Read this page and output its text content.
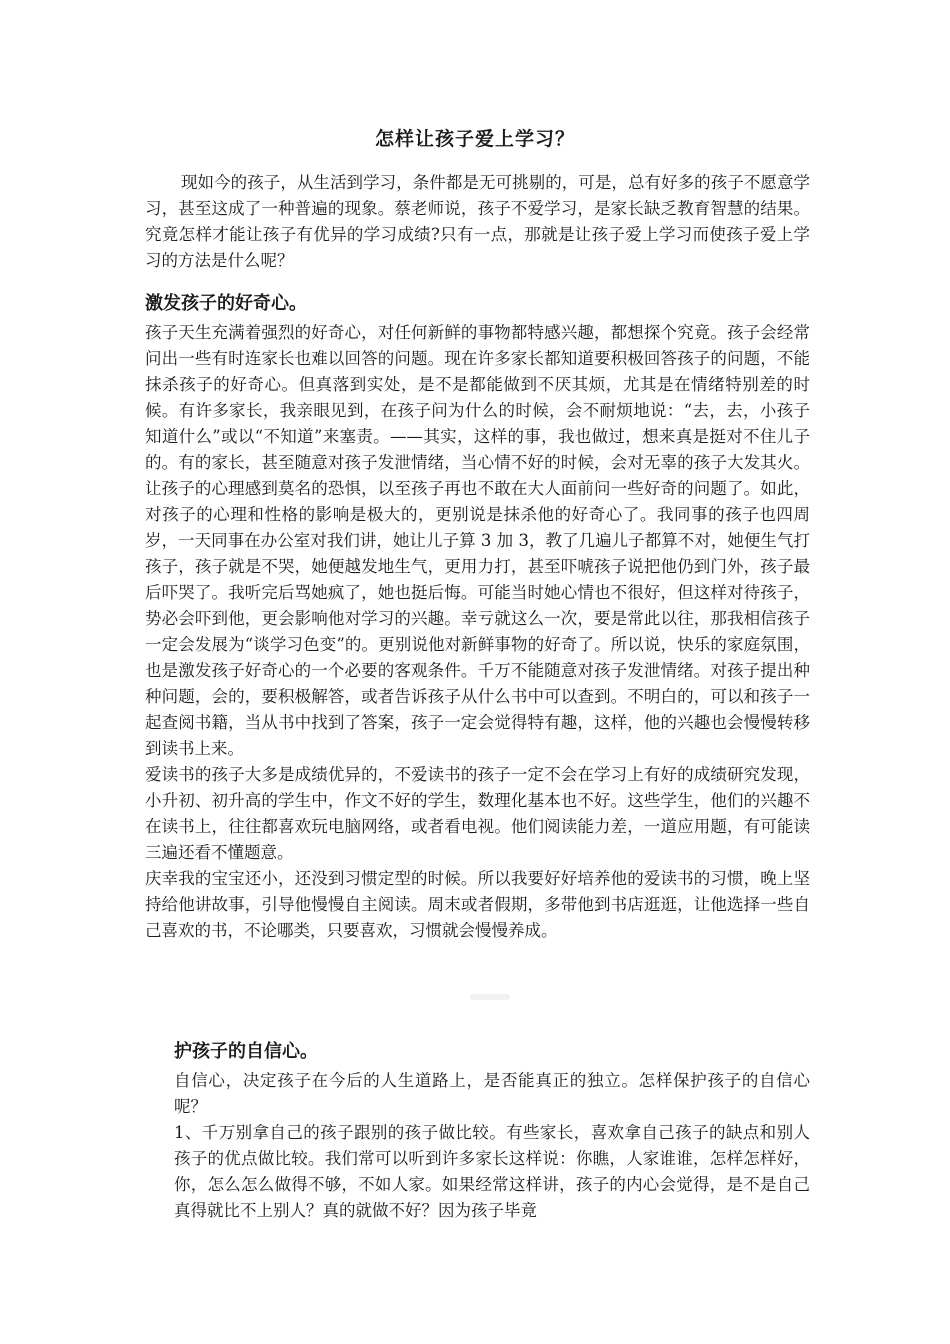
怎样让孩子爱上学习？

现如今的孩子，从生活到学习，条件都是无可挑剔的，可是，总有好多的孩子不愿意学习，甚至这成了一种普遍的现象。蔡老师说，孩子不爱学习，是家长缺乏教育智慧的结果。究竟怎样才能让孩子有优异的学习成绩?只有一点，那就是让孩子爱上学习而使孩子爱上学习的方法是什么呢？

激发孩子的好奇心。

孩子天生充满着强烈的好奇心，对任何新鲜的事物都特感兴趣，都想探个究竟。孩子会经常问出一些有时连家长也难以回答的问题。现在许多家长都知道要积极回答孩子的问题，不能抹杀孩子的好奇心。但真落到实处，是不是都能做到不厌其烦，尤其是在情绪特别差的时候。有许多家长，我亲眼见到，在孩子问为什么的时候，会不耐烦地说：“去，去，小孩子知道什么”或以“不知道”来塞责。——其实，这样的事，我也做过，想来真是挺对不住儿子的。有的家长，甚至随意对孩子发泄情绪，当心情不好的时候，会对无辜的孩子大发其火。让孩子的心理感到莫名的恐惧，以至孩子再也不敢在大人面前问一些好奇的问题了。如此，对孩子的心理和性格的影响是极大的，更别说是抹杀他的好奇心了。我同事的孩子也四周岁，一天同事在办公室对我们讲，她让儿子算 3 加 3，教了几遍儿子都算不对，她便生气打孩子，孩子就是不哭，她便越发地生气，更用力打，甚至吓唬孩子说把他仍到门外，孩子最后吓哭了。我听完后骂她疯了，她也挺后悔。可能当时她心情也不很好，但这样对待孩子，势必会吓到他，更会影响他对学习的兴趣。幸亏就这么一次，要是常此以往，那我相信孩子一定会发展为“谈学习色变”的。更别说他对新鲜事物的好奇了。所以说，快乐的家庭氛围，也是激发孩子好奇心的一个必要的客观条件。千万不能随意对孩子发泄情绪。对孩子提出种种问题，会的，要积极解答，或者告诉孩子从什么书中可以查到。不明白的，可以和孩子一起查阅书籍，当从书中找到了答案，孩子一定会觉得特有趣，这样，他的兴趣也会慢慢转移到读书上来。

爱读书的孩子大多是成绩优异的，不爱读书的孩子一定不会在学习上有好的成绩研究发现，小升初、初升高的学生中，作文不好的学生，数理化基本也不好。这些学生，他们的兴趣不在读书上，往往都喜欢玩电脑网络，或者看电视。他们阅读能力差，一道应用题，有可能读三遍还看不懂题意。

庆幸我的宝宝还小，还没到习惯定型的时候。所以我要好好培养他的爱读书的习惯，晚上坚持给他讲故事，引导他慢慢自主阅读。周末或者假期，多带他到书店逛逛，让他选择一些自己喜欢的书，不论哪类，只要喜欢，习惯就会慢慢养成。

护孩子的自信心。

自信心，决定孩子在今后的人生道路上，是否能真正的独立。怎样保护孩子的自信心呢？

1、千万别拿自己的孩子跟别的孩子做比较。有些家长，喜欢拿自己孩子的缺点和别人孩子的优点做比较。我们常可以听到许多家长这样说：你瞧，人家谁谁，怎样怎样好，你，怎么怎么做得不够，不如人家。如果经常这样讲，孩子的内心会觉得，是不是自己真得就比不上别人？真的就做不好？因为孩子毕竟
